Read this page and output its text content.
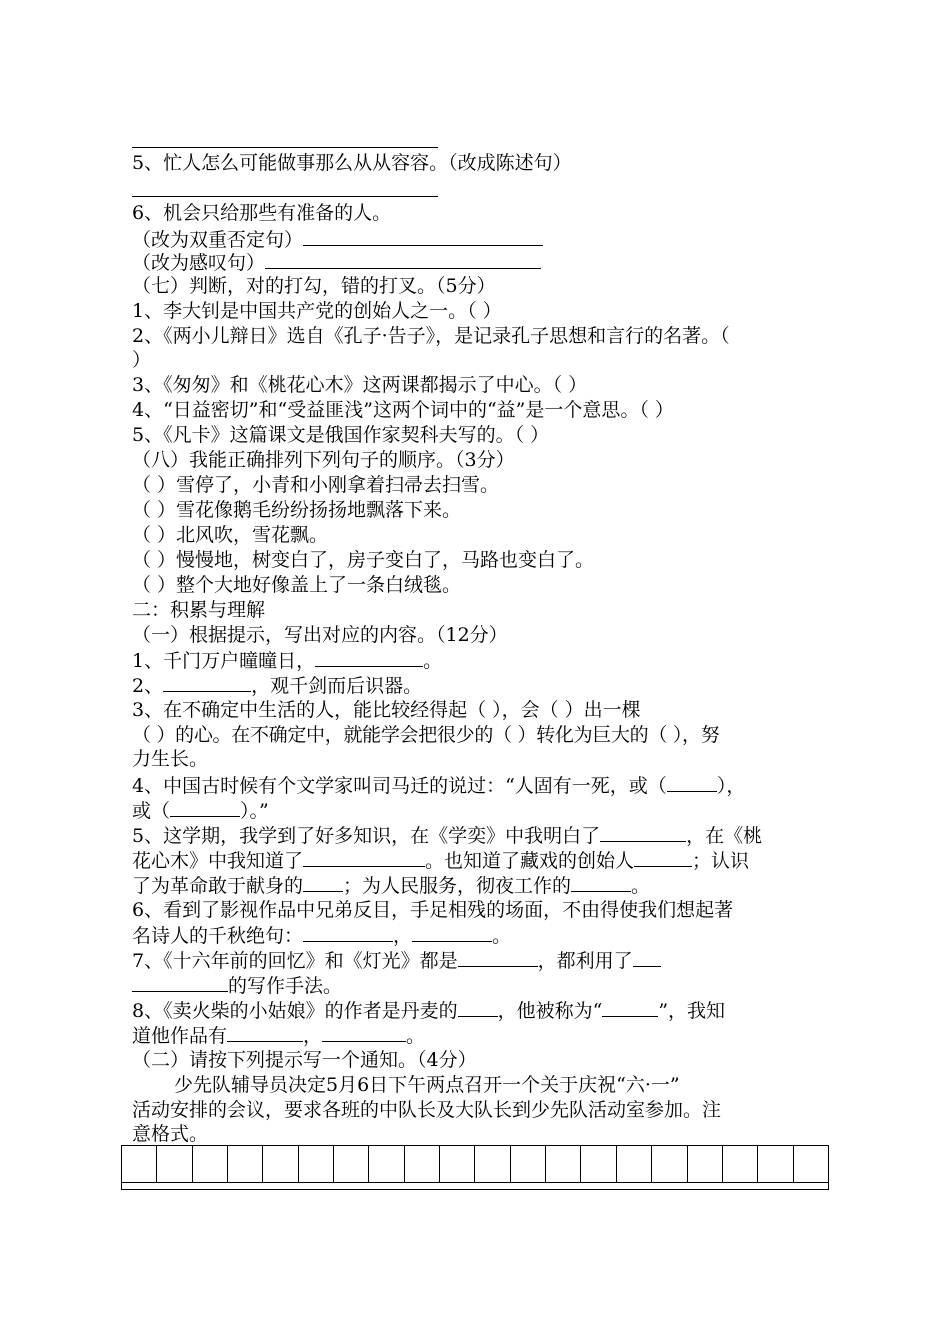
5、忙人怎么可能做事那么从从容容。（改成陈述句）
6、机会只给那些有准备的人。
（改为双重否定句）
（改为感叹句）
（七）判断，对的打勾，错的打叉。（5分）
1、李大钊是中国共产党的创始人之一。（ ）
2、《两小儿辩日》选自《孔子·告子》，是记录孔子思想和言行的名著。（
）
3、《匆匆》和《桃花心木》这两课都揭示了中心。（ ）
4、“日益密切”和“受益匪浅”这两个词中的“益”是一个意思。（ ）
5、《凡卡》这篇课文是俄国作家契科夫写的。（ ）
（八）我能正确排列下列句子的顺序。（3分）
（ ）雪停了，小青和小刚拿着扫帚去扫雪。
（ ）雪花像鹅毛纷纷扬扬地飘落下来。
（ ）北风吹，雪花飘。
（ ）慢慢地，树变白了，房子变白了，马路也变白了。
（ ）整个大地好像盖上了一条白绒毯。
二：积累与理解
（一）根据提示，写出对应的内容。（12分）
1、千门万户曈曈日，	。
2、	，观千剑而后识器。
3、在不确定中生活的人，能比较经得起（ ），会（ ）出一棵
（ ）的心。在不确定中，就能学会把很少的（ ）转化为巨大的（ ），努
力生长。
4、中国古时候有个文学家叫司马迁的说过：“人固有一死，或（	），
或（	）。”
5、这学期，我学到了好多知识，在《学奕》中我明白了	，在《桃
花心木》中我知道了	。也知道了藏戏的创始人	；认识
了为革命敢于献身的 ；为人民服务，彻夜工作的	。
6、看到了影视作品中兄弟反目，手足相残的场面，不由得使我们想起著
名诗人的千秋绝句：	，	。
7、《十六年前的回忆》和《灯光》都是	，都利用了
的写作手法。
8、《卖火柴的小姑娘》的作者是丹麦的 ，他被称为“	”，我知
道他作品有	，	。
（二）请按下列提示写一个通知。（4分）
少先队辅导员决定5月6日下午两点召开一个关于庆祝“六·一”
活动安排的会议，要求各班的中队长及大队长到少先队活动室参加。注
意格式。
